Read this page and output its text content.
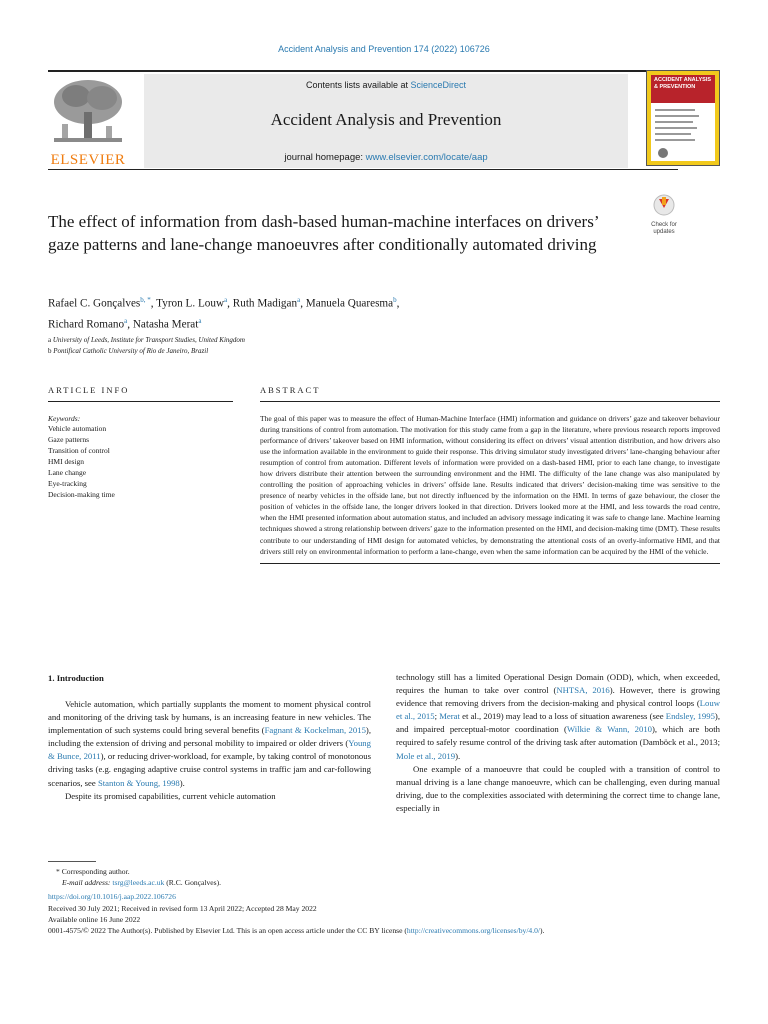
Accident Analysis and Prevention 174 (2022) 106726
ELSEVIER
Contents lists available at ScienceDirect
Accident Analysis and Prevention
journal homepage: www.elsevier.com/locate/aap
ACCIDENT ANALYSIS & PREVENTION
Check for updates
The effect of information from dash-based human-machine interfaces on drivers’ gaze patterns and lane-change manoeuvres after conditionally automated driving
Rafael C. Gonçalves$^{b, *}$, Tyron L. Louw$^a$, Ruth Madigan$^a$, Manuela Quaresma$^b$,
Richard Romano$^a$, Natasha Merat$^a$
a University of Leeds, Institute for Transport Studies, United Kingdom
b Pontifical Catholic University of Rio de Janeiro, Brazil
ARTICLE INFO
Keywords:
Vehicle automation
Gaze patterns
Transition of control
HMI design
Lane change
Eye-tracking
Decision-making time
ABSTRACT
The goal of this paper was to measure the effect of Human-Machine Interface (HMI) information and guidance on drivers’ gaze and takeover behaviour during transitions of control from automation. The motivation for this study came from a gap in the literature, where previous research reports improved performance of drivers’ takeover based on HMI information, without considering its effect on drivers’ visual attention distribution, and how drivers also use the information available in the environment to guide their response. This driving simulator study investigated drivers’ lane-changing behaviour after resumption of control from automation. Different levels of information were provided on a dash-based HMI, prior to each lane change, to investigate how drivers distribute their attention between the surrounding environment and the HMI. The difficulty of the lane change was also manipulated by controlling the position of approaching vehicles in drivers’ offside lane. Results indicated that drivers’ decision-making time was sensitive to the presence of nearby vehicles in the offside lane, but not directly influenced by the information on the HMI. In terms of gaze behaviour, the closer the position of vehicles in the offside lane, the longer drivers looked in that direction. Drivers looked more at the HMI, and less towards the road centre, when the HMI presented information about automation status, and included an advisory message indicating it was safe to change lane. Machine learning techniques showed a strong relationship between drivers’ gaze to the information presented on the HMI, and decision-making time (DMT). These results contribute to our understanding of HMI design for automated vehicles, by demonstrating the attentional costs of an overly-informative HMI, and that drivers still rely on environmental information to perform a lane-change, even when the same information can be acquired by the HMI of the vehicle.
1. Introduction

Vehicle automation, which partially supplants the moment to moment physical control and monitoring of the driving task by humans, is an increasing feature in new vehicles. The implementation of such systems could bring several benefits (Fagnant & Kockelman, 2015), including the extension of driving and personal mobility to impaired or older drivers (Young & Bunce, 2011), or reducing driver-workload, for example, by taking control of monotonous driving tasks (e.g. engaging adaptive cruise control systems in traffic jam and car-following scenarios, see Stanton & Young, 1998).

Despite its promised capabilities, current vehicle automation

technology still has a limited Operational Design Domain (ODD), which, when exceeded, requires the human to take over control (NHTSA, 2016). However, there is growing evidence that removing drivers from the decision-making and physical control loops (Louw et al., 2015; Merat et al., 2019) may lead to a loss of situation awareness (see Endsley, 1995), and impaired perceptual-motor coordination (Wilkie & Wann, 2010), which are both required to safely resume control of the driving task after automation (Damböck et al., 2013; Mole et al., 2019).

One example of a manoeuvre that could be coupled with a transition of control to manual driving is a lane change manoeuvre, which can be challenging, even during manual driving, due to the complexities associated with determining the correct time to change lane, especially in

* Corresponding author.
E-mail address: tsrg@leeds.ac.uk (R.C. Gonçalves).
https://doi.org/10.1016/j.aap.2022.106726
Received 30 July 2021; Received in revised form 13 April 2022; Accepted 28 May 2022
Available online 16 June 2022
0001-4575/© 2022 The Author(s). Published by Elsevier Ltd. This is an open access article under the CC BY license (http://creativecommons.org/licenses/by/4.0/).
